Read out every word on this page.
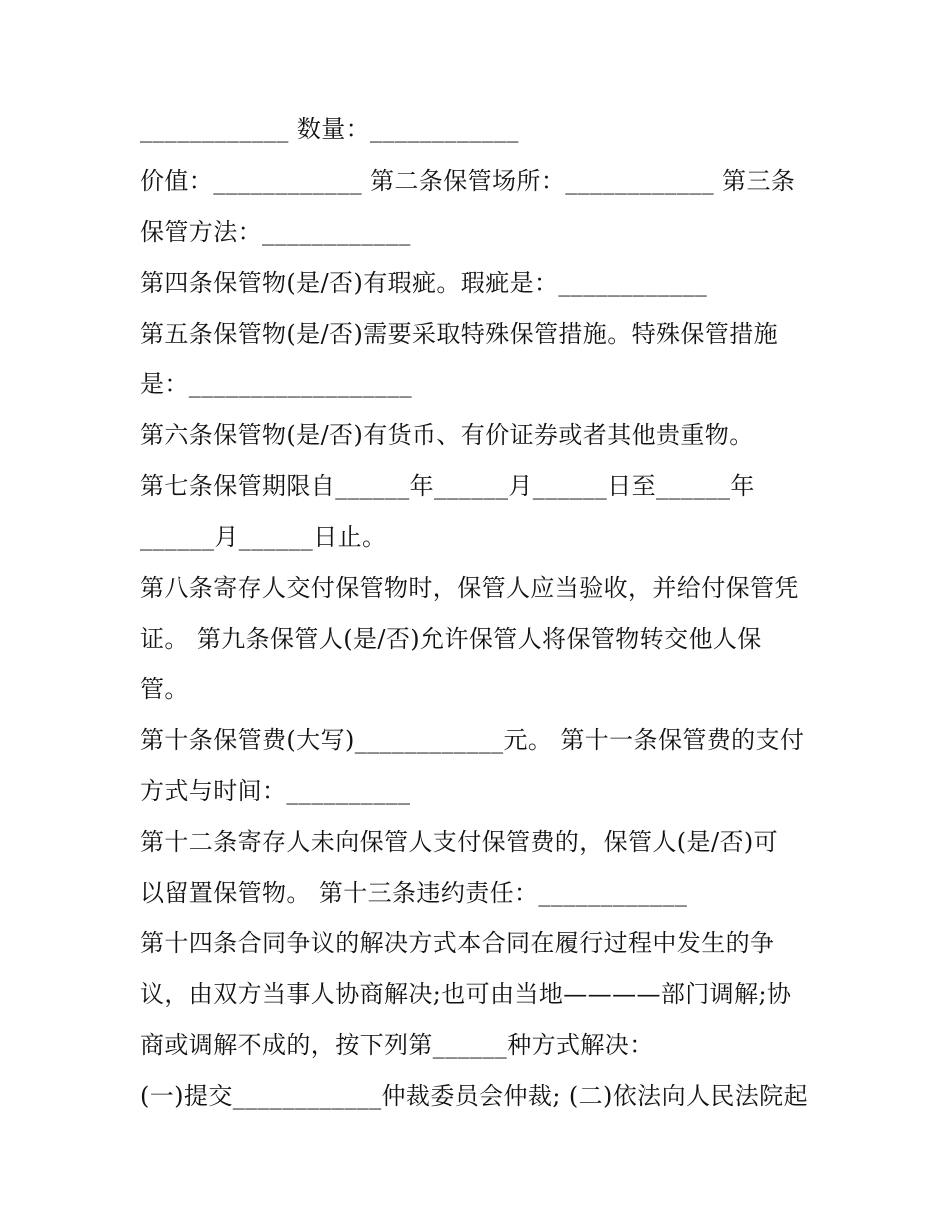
____________ 数量：____________
价值：____________ 第二条保管场所：____________ 第三条
保管方法：____________
第四条保管物(是/否)有瑕疵。瑕疵是：____________
第五条保管物(是/否)需要采取特殊保管措施。特殊保管措施
是：__________________
第六条保管物(是/否)有货币、有价证券或者其他贵重物。
第七条保管期限自______年______月______日至______年
______月______日止。
第八条寄存人交付保管物时，保管人应当验收，并给付保管凭
证。 第九条保管人(是/否)允许保管人将保管物转交他人保
管。
第十条保管费(大写)____________元。 第十一条保管费的支付
方式与时间：__________
第十二条寄存人未向保管人支付保管费的，保管人(是/否)可
以留置保管物。 第十三条违约责任：____________
第十四条合同争议的解决方式本合同在履行过程中发生的争
议，由双方当事人协商解决;也可由当地————部门调解;协
商或调解不成的，按下列第______种方式解决：
(一)提交____________仲裁委员会仲裁; (二)依法向人民法院起
